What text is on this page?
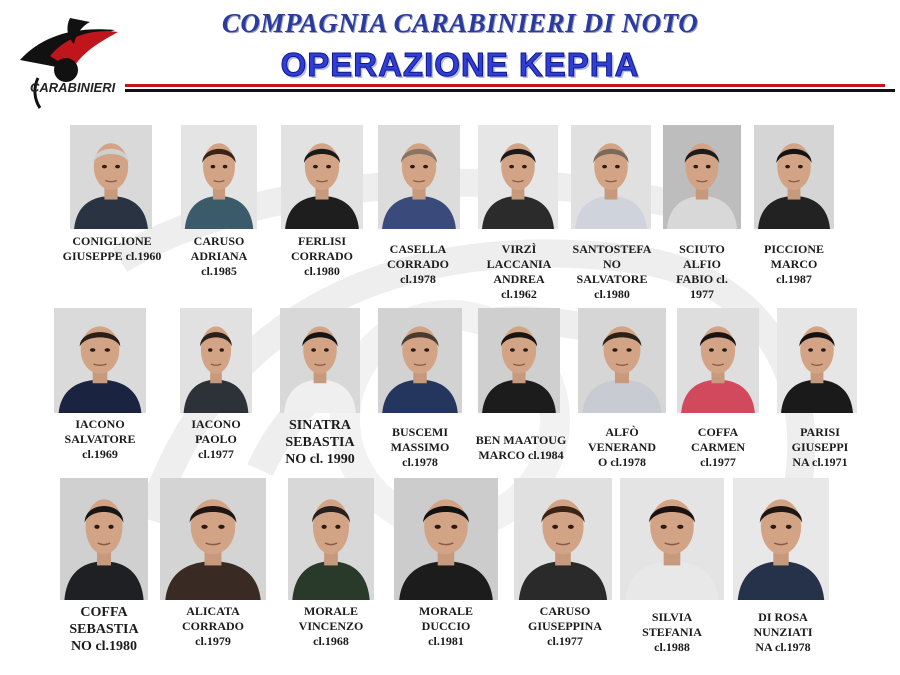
CARABINIERI
COMPAGNIA CARABINIERI DI NOTO
OPERAZIONE KEPHA
CONIGLIONE
GIUSEPPE cl.1960
CARUSO
ADRIANA
cl.1985
FERLISI
CORRADO
cl.1980
CASELLA
CORRADO
cl.1978
VIRZÌ
LACCANIA
ANDREA
cl.1962
SANTOSTEFA
NO
SALVATORE
cl.1980
SCIUTO
ALFIO
FABIO cl.
1977
PICCIONE
MARCO
cl.1987
IACONO
SALVATORE
cl.1969
IACONO
PAOLO
cl.1977
SINATRA
SEBASTIA
NO cl. 1990
BUSCEMI
MASSIMO
cl.1978
BEN MAATOUG
MARCO cl.1984
ALFÒ
VENERAND
O cl.1978
COFFA
CARMEN
cl.1977
PARISI
GIUSEPPI
NA cl.1971
COFFA
SEBASTIA
NO cl.1980
ALICATA
CORRADO
cl.1979
MORALE
VINCENZO
cl.1968
MORALE
DUCCIO
cl.1981
CARUSO
GIUSEPPINA
cl.1977
SILVIA
STEFANIA
cl.1988
DI ROSA
NUNZIATI
NA cl.1978
